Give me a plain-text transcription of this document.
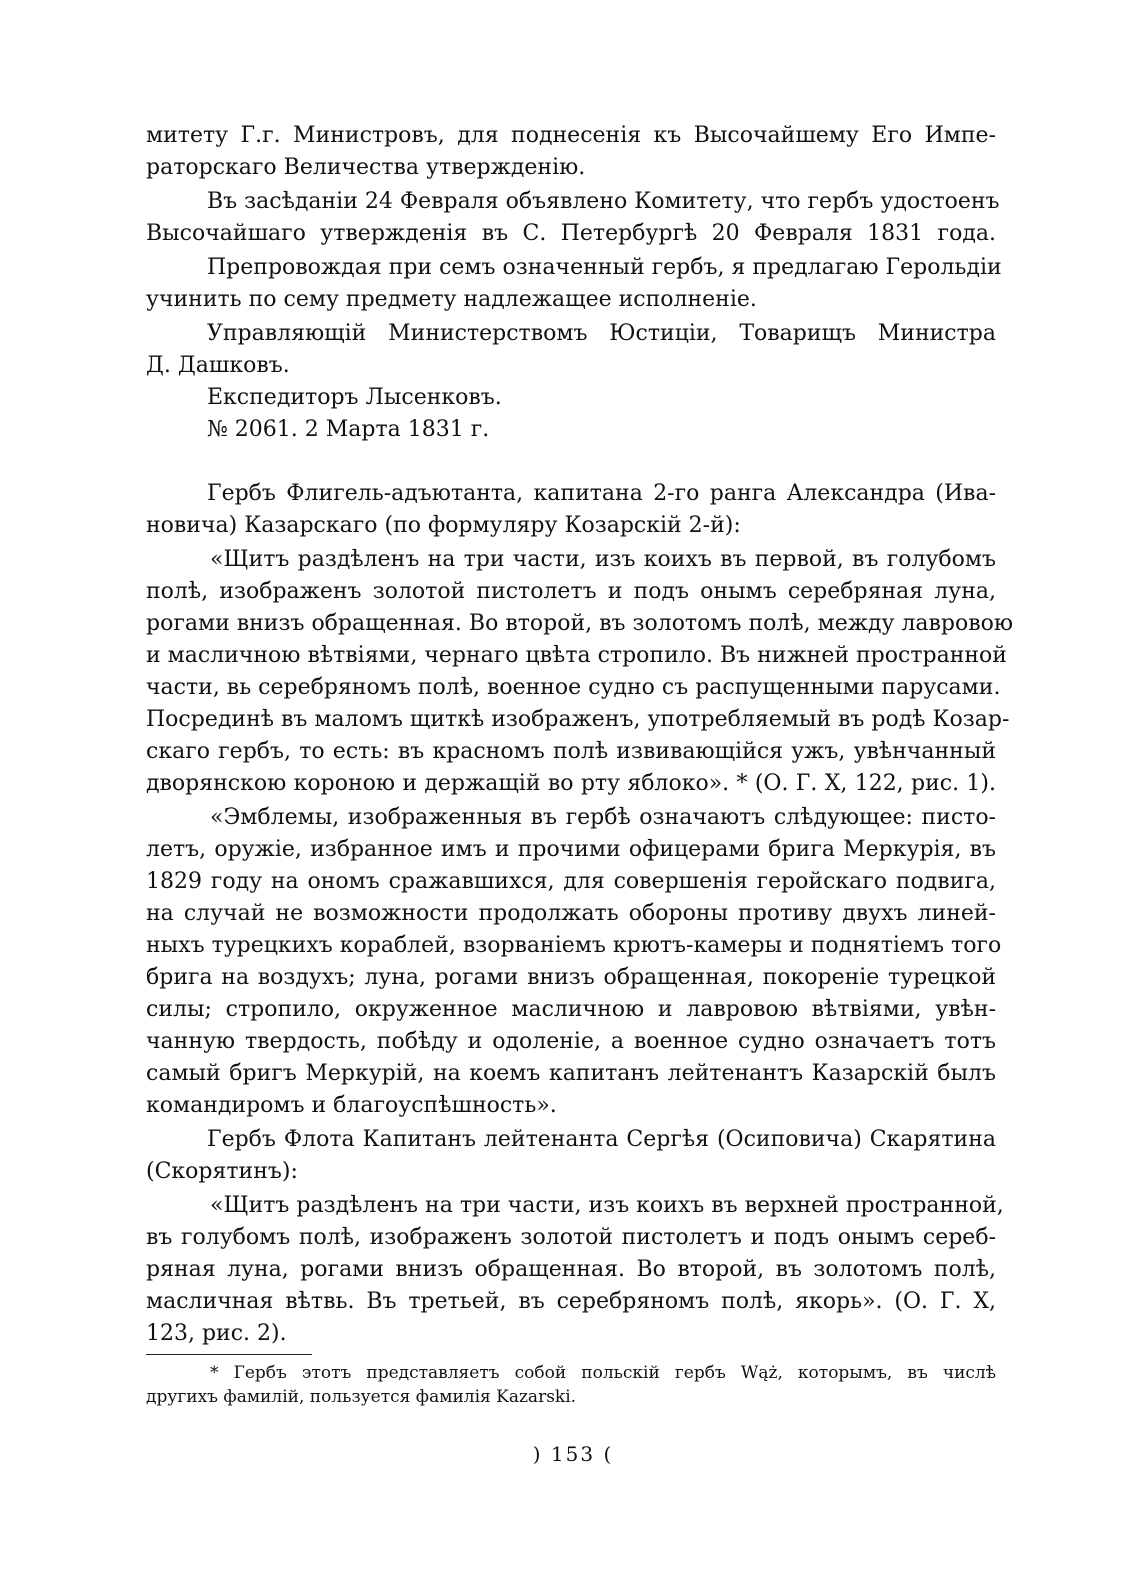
митету Г.г. Министровъ, для поднесенія къ Высочайшему Его Импе-
раторскаго Величества утвержденію.
Въ засѣданіи 24 Февраля объявлено Комитету, что гербъ удостоенъ
Высочайшаго утвержденія въ С. Петербургѣ 20 Февраля 1831 года.
Препровождая при семъ означенный гербъ, я предлагаю Герольдіи
учинить по сему предмету надлежащее исполненіе.
Управляющій Министерствомъ Юстиціи, Товарищъ Министра
Д. Дашковъ.
Експедиторъ Лысенковъ.
№ 2061. 2 Марта 1831 г.
Гербъ Флигель-адъютанта, капитана 2-го ранга Александра (Ива-
новича) Казарскаго (по формуляру Козарскій 2-й):
«Щитъ раздѣленъ на три части, изъ коихъ въ первой, въ голубомъ
полѣ, изображенъ золотой пистолетъ и подъ онымъ серебряная луна,
рогами внизъ обращенная. Во второй, въ золотомъ полѣ, между лавровою
и масличною вѣтвіями, чернаго цвѣта стропило. Въ нижней пространной
части, вь серебряномъ полѣ, военное судно съ распущенными парусами.
Посрединѣ въ маломъ щиткѣ изображенъ, употребляемый въ родѣ Козар-
скаго гербъ, то есть: въ красномъ полѣ извивающійся ужъ, увѣнчанный
дворянскою короною и держащій во рту яблоко». * (О. Г. X, 122, рис. 1).
«Эмблемы, изображенныя въ гербѣ означаютъ слѣдующее: писто-
летъ, оружіе, избранное имъ и прочими офицерами брига Меркурія, въ
1829 году на ономъ сражавшихся, для совершенія геройскаго подвига,
на случай не возможности продолжать обороны противу двухъ линей-
ныхъ турецкихъ кораблей, взорваніемъ крютъ-камеры и поднятіемъ того
брига на воздухъ; луна, рогами внизъ обращенная, покореніе турецкой
силы; стропило, окруженное масличною и лавровою вѣтвіями, увѣн-
чанную твердость, побѣду и одоленіе, а военное судно означаетъ тотъ
самый бригъ Меркурій, на коемъ капитанъ лейтенантъ Казарскій былъ
командиромъ и благоуспѣшность».
Гербъ Флота Капитанъ лейтенанта Сергѣя (Осиповича) Скарятина
(Скорятинъ):
«Щитъ раздѣленъ на три части, изъ коихъ въ верхней пространной,
въ голубомъ полѣ, изображенъ золотой пистолетъ и подъ онымъ сереб-
ряная луна, рогами внизъ обращенная. Во второй, въ золотомъ полѣ,
масличная вѣтвь. Въ третьей, въ серебряномъ полѣ, якорь». (О. Г. X,
123, рис. 2).
* Гербъ этотъ представляетъ собой польскій гербъ Wąż, которымъ, въ числѣ
другихъ фамилій, пользуется фамилія Kazarski.
) 153 (
